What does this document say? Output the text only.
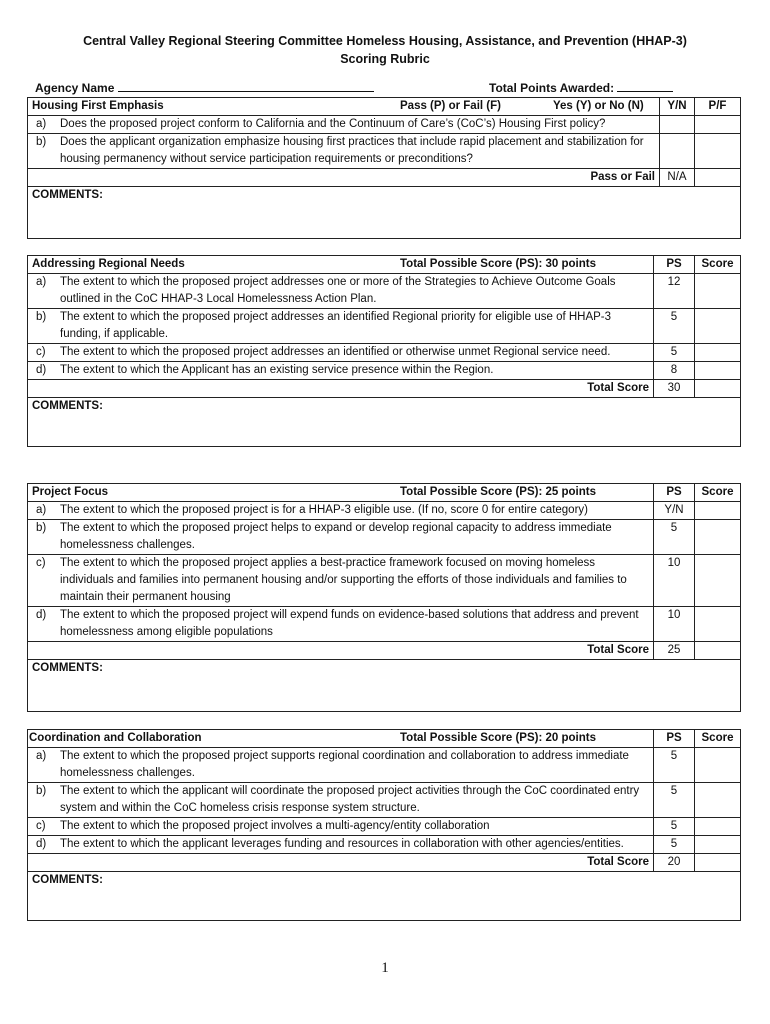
Central Valley Regional Steering Committee Homeless Housing, Assistance, and Prevention (HHAP-3)
Scoring Rubric
Agency Name	Total Points Awarded:
Housing First Emphasis Pass (P) or Fail (F) Yes (Y) or No (N)	Y/N	P/F

a) Does the proposed project conform to California and the Continuum of Care’s (CoC’s) Housing First policy?		

b) Does the applicant organization emphasize housing first practices that include rapid placement and stabilization for housing permanency without service participation requirements or preconditions?		

Pass or Fail	N/A	
COMMENTS:		
Addressing Regional Needs Total Possible Score (PS): 30 points	PS	Score

a) The extent to which the proposed project addresses one or more of the Strategies to Achieve Outcome Goals outlined in the CoC HHAP-3 Local Homelessness Action Plan.	12	

b) The extent to which the proposed project addresses an identified Regional priority for eligible use of HHAP-3 funding, if applicable.	5	

c) The extent to which the proposed project addresses an identified or otherwise unmet Regional service need.	5	

d) The extent to which the Applicant has an existing service presence within the Region.	8	
Total Score	30	
COMMENTS:		
Project Focus Total Possible Score (PS): 25 points	PS	Score

a) The extent to which the proposed project is for a HHAP-3 eligible use. (If no, score 0 for entire category)	Y/N	

b) The extent to which the proposed project helps to expand or develop regional capacity to address immediate homelessness challenges.	5	

c) The extent to which the proposed project applies a best-practice framework focused on moving homeless individuals and families into permanent housing and/or supporting the efforts of those individuals and families to maintain their permanent housing	10	

d) The extent to which the proposed project will expend funds on evidence-based solutions that address and prevent homelessness among eligible populations	10	
Total Score	25	
COMMENTS:		
Coordination and Collaboration Total Possible Score (PS): 20 points	PS	Score

a) The extent to which the proposed project supports regional coordination and collaboration to address immediate homelessness challenges.	5	

b) The extent to which the applicant will coordinate the proposed project activities through the CoC coordinated entry system and within the CoC homeless crisis response system structure.	5	

c) The extent to which the proposed project involves a multi-agency/entity collaboration	5	

d) The extent to which the applicant leverages funding and resources in collaboration with other agencies/entities.	5	
Total Score	20	
COMMENTS:		
1
